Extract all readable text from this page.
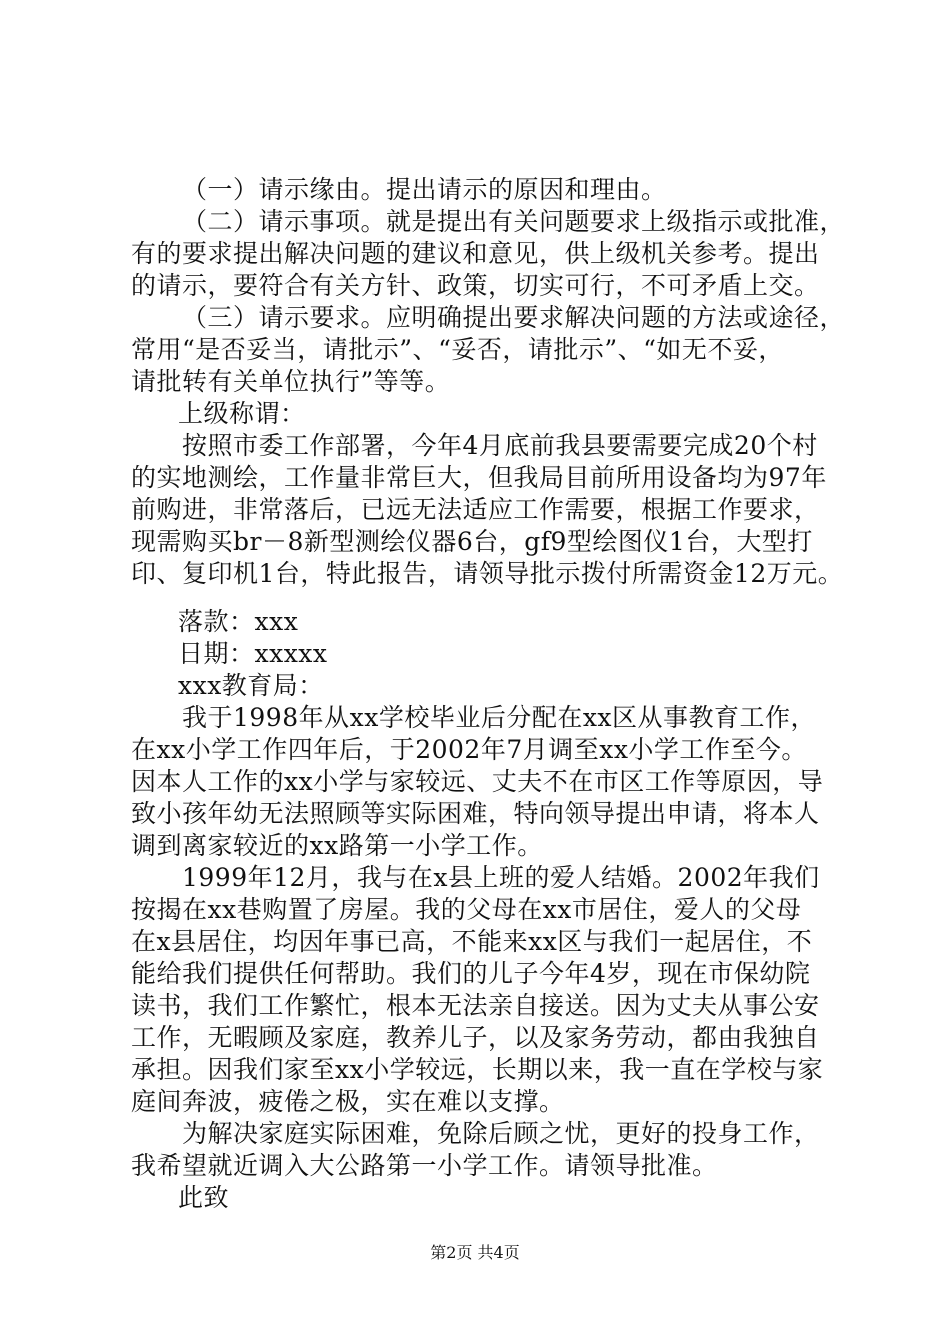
（一）请示缘由。提出请示的原因和理由。
（二）请示事项。就是提出有关问题要求上级指示或批准，
有的要求提出解决问题的建议和意见，供上级机关参考。提出
的请示，要符合有关方针、政策，切实可行，不可矛盾上交。
（三）请示要求。应明确提出要求解决问题的方法或途径，
常用“是否妥当，请批示”、“妥否，请批示”、“如无不妥，
请批转有关单位执行”等等。
上级称谓：
按照市委工作部署，今年4月底前我县要需要完成20个村
的实地测绘，工作量非常巨大，但我局目前所用设备均为97年
前购进，非常落后，已远无法适应工作需要，根据工作要求，
现需购买br－8新型测绘仪器6台，gf9型绘图仪1台，大型打
印、复印机1台，特此报告，请领导批示拨付所需资金12万元。
落款：xxx
日期：xxxxx
xxx教育局：
我于1998年从xx学校毕业后分配在xx区从事教育工作，
在xx小学工作四年后，于2002年7月调至xx小学工作至今。
因本人工作的xx小学与家较远、丈夫不在市区工作等原因，导
致小孩年幼无法照顾等实际困难，特向领导提出申请，将本人
调到离家较近的xx路第一小学工作。
1999年12月，我与在x县上班的爱人结婚。2002年我们
按揭在xx巷购置了房屋。我的父母在xx市居住，爱人的父母
在x县居住，均因年事已高，不能来xx区与我们一起居住，不
能给我们提供任何帮助。我们的儿子今年4岁，现在市保幼院
读书，我们工作繁忙，根本无法亲自接送。因为丈夫从事公安
工作，无暇顾及家庭，教养儿子，以及家务劳动，都由我独自
承担。因我们家至xx小学较远，长期以来，我一直在学校与家
庭间奔波，疲倦之极，实在难以支撑。
为解决家庭实际困难，免除后顾之忧，更好的投身工作，
我希望就近调入大公路第一小学工作。请领导批准。
此致
第2页 共4页
